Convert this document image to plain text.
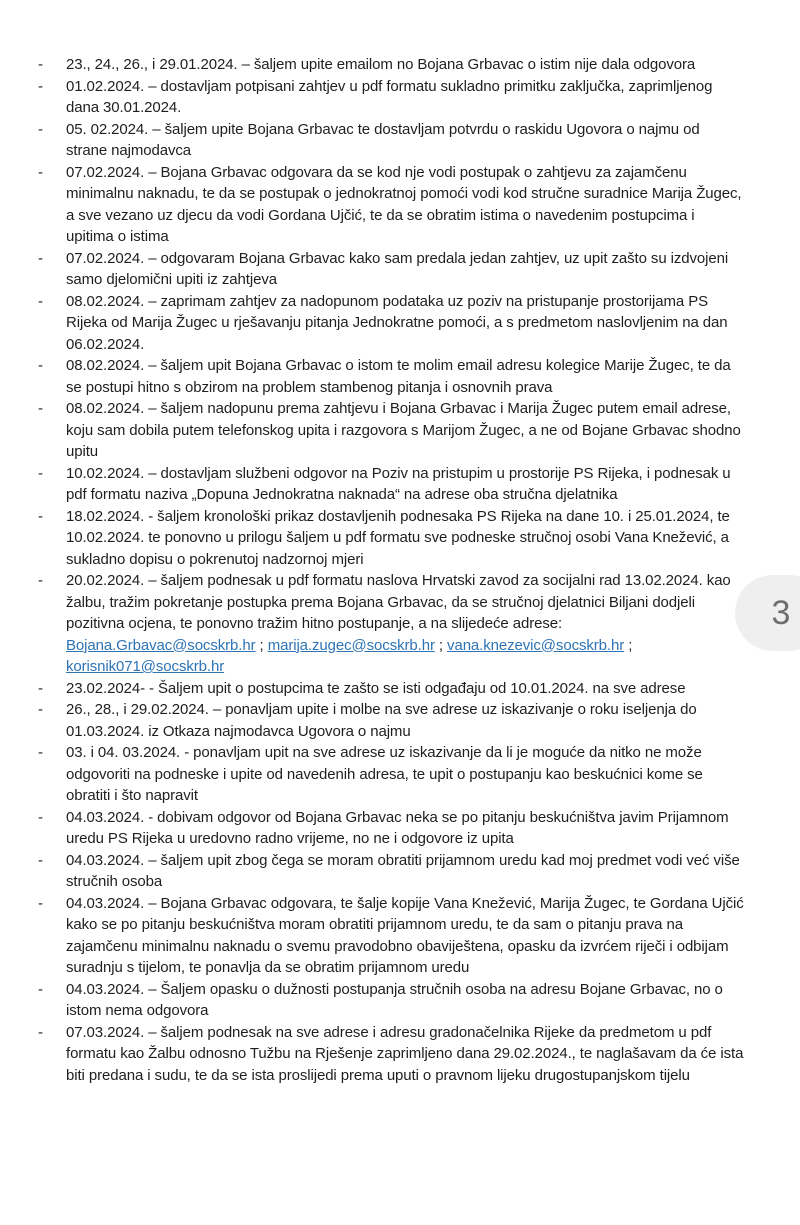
-	23., 24., 26., i 29.01.2024. – šaljem upite emailom no Bojana Grbavac o istim nije dala odgovora
-	01.02.2024. – dostavljam potpisani zahtjev u pdf formatu sukladno primitku zaključka, zaprimljenog dana 30.01.2024.
-	05. 02.2024. – šaljem upite Bojana Grbavac te dostavljam potvrdu o raskidu Ugovora o najmu od strane najmodavca
-	07.02.2024. – Bojana Grbavac odgovara da se kod nje vodi postupak o zahtjevu za zajamčenu minimalnu naknadu, te da se postupak o jednokratnoj pomoći vodi kod stručne suradnice Marija Žugec, a sve vezano uz djecu da vodi Gordana Ujčić, te da se obratim istima o navedenim postupcima i upitima o istima
-	07.02.2024. – odgovaram Bojana Grbavac kako sam predala jedan zahtjev, uz upit zašto su izdvojeni samo djelomični upiti iz zahtjeva
-	08.02.2024. – zaprimam zahtjev za nadopunom podataka uz poziv na pristupanje prostorijama PS Rijeka od Marija Žugec u rješavanju pitanja Jednokratne pomoći, a s predmetom naslovljenim na dan 06.02.2024.
-	08.02.2024. – šaljem upit Bojana Grbavac o istom te molim email adresu kolegice Marije Žugec, te da se postupi hitno s obzirom na problem stambenog pitanja i osnovnih prava
-	08.02.2024. – šaljem nadopunu prema zahtjevu i Bojana Grbavac i Marija Žugec putem email adrese, koju sam dobila putem telefonskog upita i razgovora s Marijom Žugec, a ne od Bojane Grbavac shodno upitu
-	10.02.2024. – dostavljam službeni odgovor na Poziv na pristupim u prostorije PS Rijeka, i podnesak u pdf formatu naziva „Dopuna Jednokratna naknada“ na adrese oba stručna djelatnika
-	18.02.2024. - šaljem kronološki prikaz dostavljenih podnesaka PS Rijeka na dane 10. i 25.01.2024, te 10.02.2024. te ponovno u prilogu šaljem u pdf formatu sve podneske stručnoj osobi Vana Knežević, a sukladno dopisu o pokrenutoj nadzornoj mjeri
-	20.02.2024. – šaljem podnesak u pdf formatu naslova Hrvatski zavod za socijalni rad 13.02.2024. kao žalbu, tražim pokretanje postupka prema Bojana Grbavac, da se stručnoj djelatnici Biljani dodjeli pozitivna ocjena, te ponovno tražim hitno postupanje, a na slijedeće adrese: Bojana.Grbavac@socskrb.hr ; marija.zugec@socskrb.hr ; vana.knezevic@socskrb.hr ; korisnik071@socskrb.hr
-	23.02.2024- - Šaljem upit o postupcima te zašto se isti odgađaju od 10.01.2024. na sve adrese
-	26., 28., i 29.02.2024. – ponavljam upite i molbe na sve adrese uz iskazivanje o roku iseljenja do 01.03.2024. iz Otkaza najmodavca Ugovora o najmu
-	03. i 04. 03.2024. - ponavljam upit na sve adrese uz iskazivanje da li je moguće da nitko ne može odgovoriti na podneske i upite od navedenih adresa, te upit o postupanju kao beskućnici kome se obratiti i što napravit
-	04.03.2024. - dobivam odgovor od Bojana Grbavac neka se po pitanju beskućništva javim Prijamnom uredu PS Rijeka u uredovno radno vrijeme, no ne i odgovore iz upita
-	04.03.2024. – šaljem upit zbog čega se moram obratiti prijamnom uredu kad moj predmet vodi već više stručnih osoba
-	04.03.2024. – Bojana Grbavac odgovara, te šalje kopije Vana Knežević, Marija Žugec, te Gordana Ujčić kako se po pitanju beskućništva moram obratiti prijamnom uredu, te da sam o pitanju prava na zajamčenu minimalnu naknadu o svemu pravodobno obaviještena, opasku da izvrćem riječi i odbijam suradnju s tijelom, te ponavlja da se obratim prijamnom uredu
-	04.03.2024. – Šaljem opasku o dužnosti postupanja stručnih osoba na adresu Bojane Grbavac, no o istom nema odgovora
-	07.03.2024. – šaljem podnesak na sve adrese i adresu gradonačelnika Rijeke da predmetom u pdf formatu kao Žalbu odnosno Tužbu na Rješenje zaprimljeno dana 29.02.2024., te naglašavam da će ista biti predana i sudu, te da se ista proslijedi prema uputi o pravnom lijeku drugostupanjskom tijelu
3
